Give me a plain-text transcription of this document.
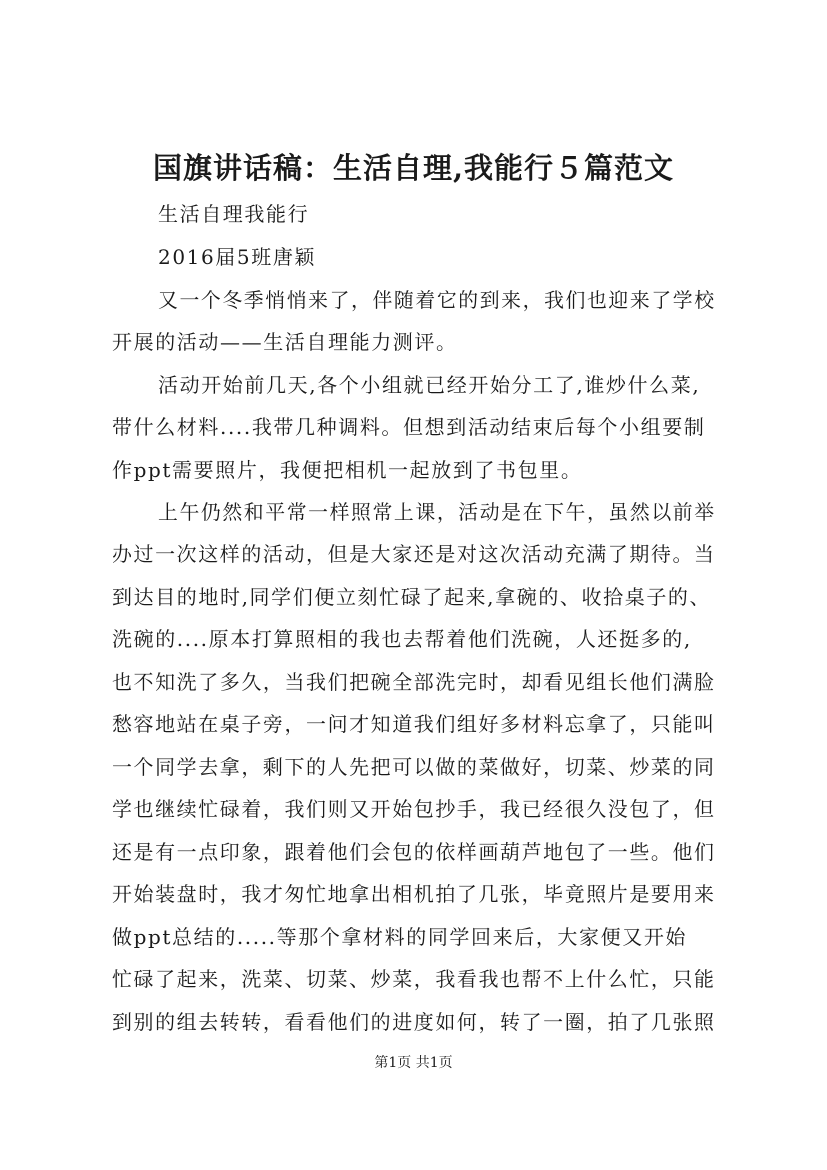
国旗讲话稿：生活自理,我能行５篇范文
生活自理我能行
2016届5班唐颖
又一个冬季悄悄来了，伴随着它的到来，我们也迎来了学校
开展的活动——生活自理能力测评。
活动开始前几天,各个小组就已经开始分工了,谁炒什么菜,
带什么材料....我带几种调料。但想到活动结束后每个小组要制
作ppt需要照片，我便把相机一起放到了书包里。
上午仍然和平常一样照常上课，活动是在下午，虽然以前举
办过一次这样的活动，但是大家还是对这次活动充满了期待。当
到达目的地时,同学们便立刻忙碌了起来,拿碗的、收拾桌子的、
洗碗的....原本打算照相的我也去帮着他们洗碗，人还挺多的,
也不知洗了多久，当我们把碗全部洗完时，却看见组长他们满脸
愁容地站在桌子旁，一问才知道我们组好多材料忘拿了，只能叫
一个同学去拿，剩下的人先把可以做的菜做好，切菜、炒菜的同
学也继续忙碌着，我们则又开始包抄手，我已经很久没包了，但
还是有一点印象，跟着他们会包的依样画葫芦地包了一些。他们
开始装盘时，我才匆忙地拿出相机拍了几张，毕竟照片是要用来
做ppt总结的.....等那个拿材料的同学回来后，大家便又开始
忙碌了起来，洗菜、切菜、炒菜，我看我也帮不上什么忙，只能
到别的组去转转，看看他们的进度如何，转了一圈，拍了几张照
第1页 共1页
